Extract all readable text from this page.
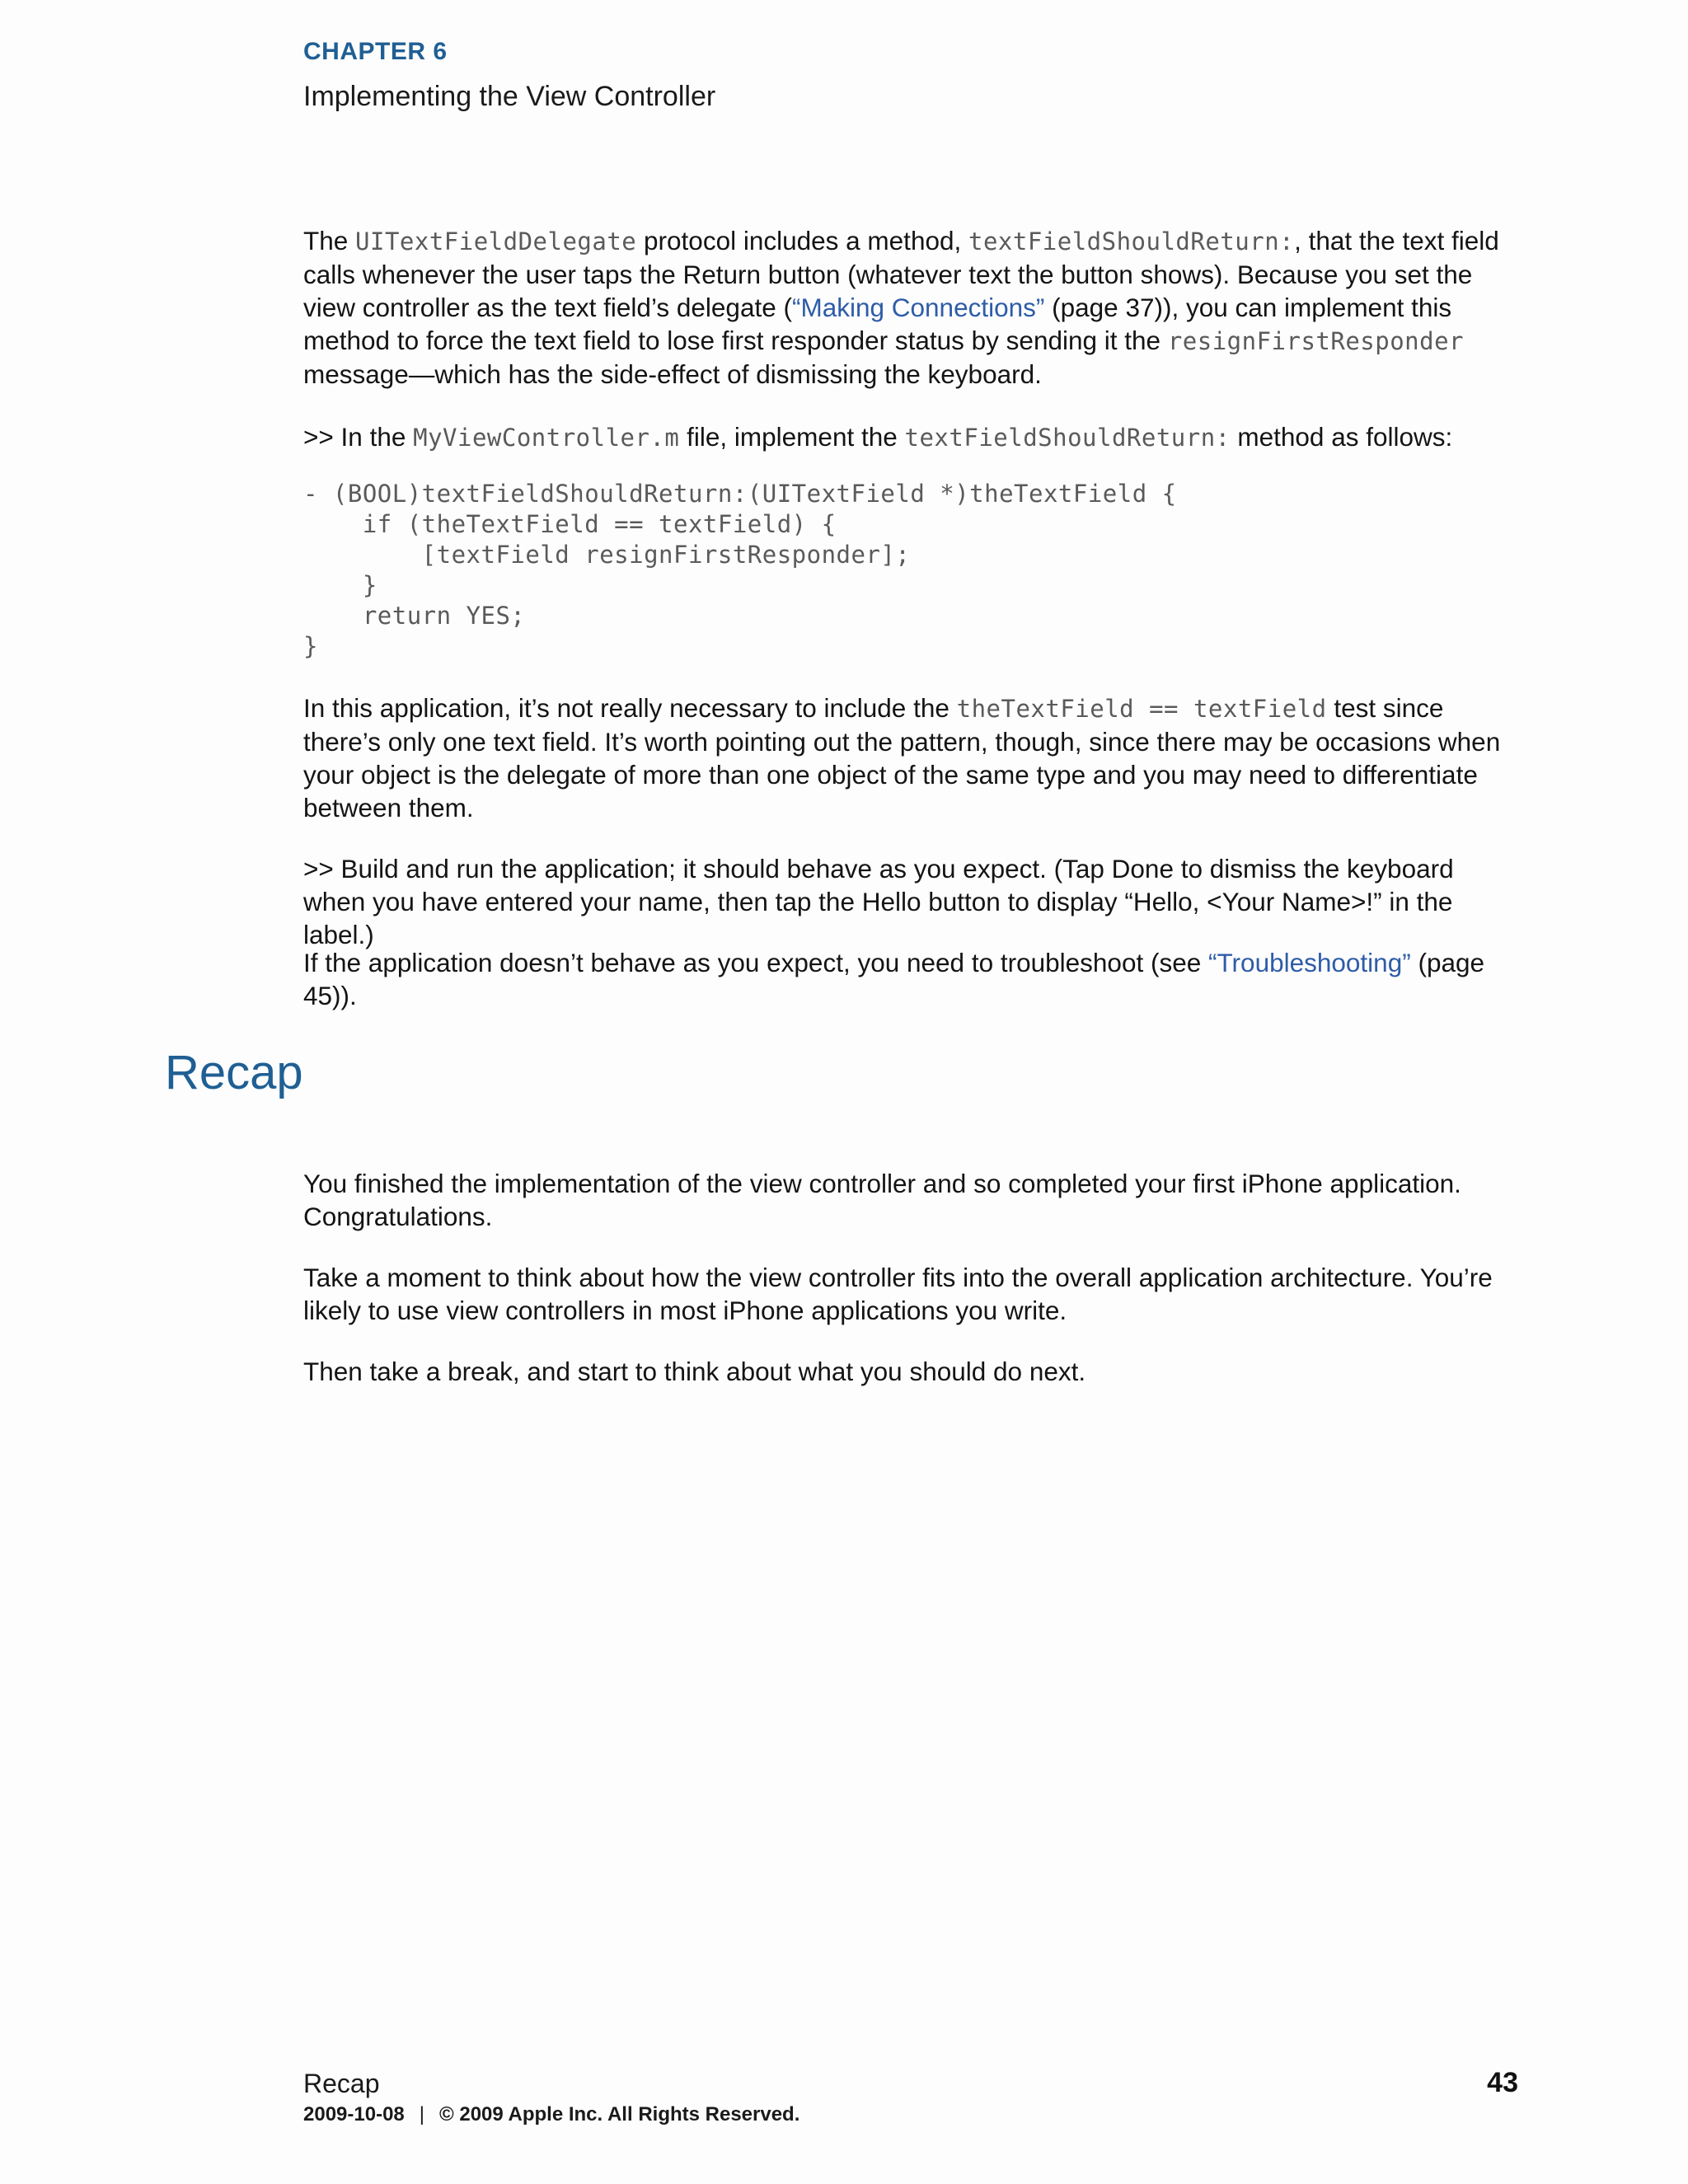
CHAPTER 6
Implementing the View Controller

The UITextFieldDelegate protocol includes a method, textFieldShouldReturn:, that the text field calls whenever the user taps the Return button (whatever text the button shows). Because you set the view controller as the text field’s delegate (“Making Connections” (page 37)), you can implement this method to force the text field to lose first responder status by sending it the resignFirstResponder message—which has the side-effect of dismissing the keyboard.

>> In the MyViewController.m file, implement the textFieldShouldReturn: method as follows:

- (BOOL)textFieldShouldReturn:(UITextField *)theTextField {
if (theTextField == textField) {
[textField resignFirstResponder];
}
return YES;
}

In this application, it’s not really necessary to include the theTextField == textField test since there’s only one text field. It’s worth pointing out the pattern, though, since there may be occasions when your object is the delegate of more than one object of the same type and you may need to differentiate between them.

>> Build and run the application; it should behave as you expect. (Tap Done to dismiss the keyboard when you have entered your name, then tap the Hello button to display “Hello, <Your Name>!” in the label.)

If the application doesn’t behave as you expect, you need to troubleshoot (see “Troubleshooting” (page 45)).

Recap

You finished the implementation of the view controller and so completed your first iPhone application. Congratulations.

Take a moment to think about how the view controller fits into the overall application architecture. You’re likely to use view controllers in most iPhone applications you write.

Then take a break, and start to think about what you should do next.

Recap	43
2009-10-08 | © 2009 Apple Inc. All Rights Reserved.
